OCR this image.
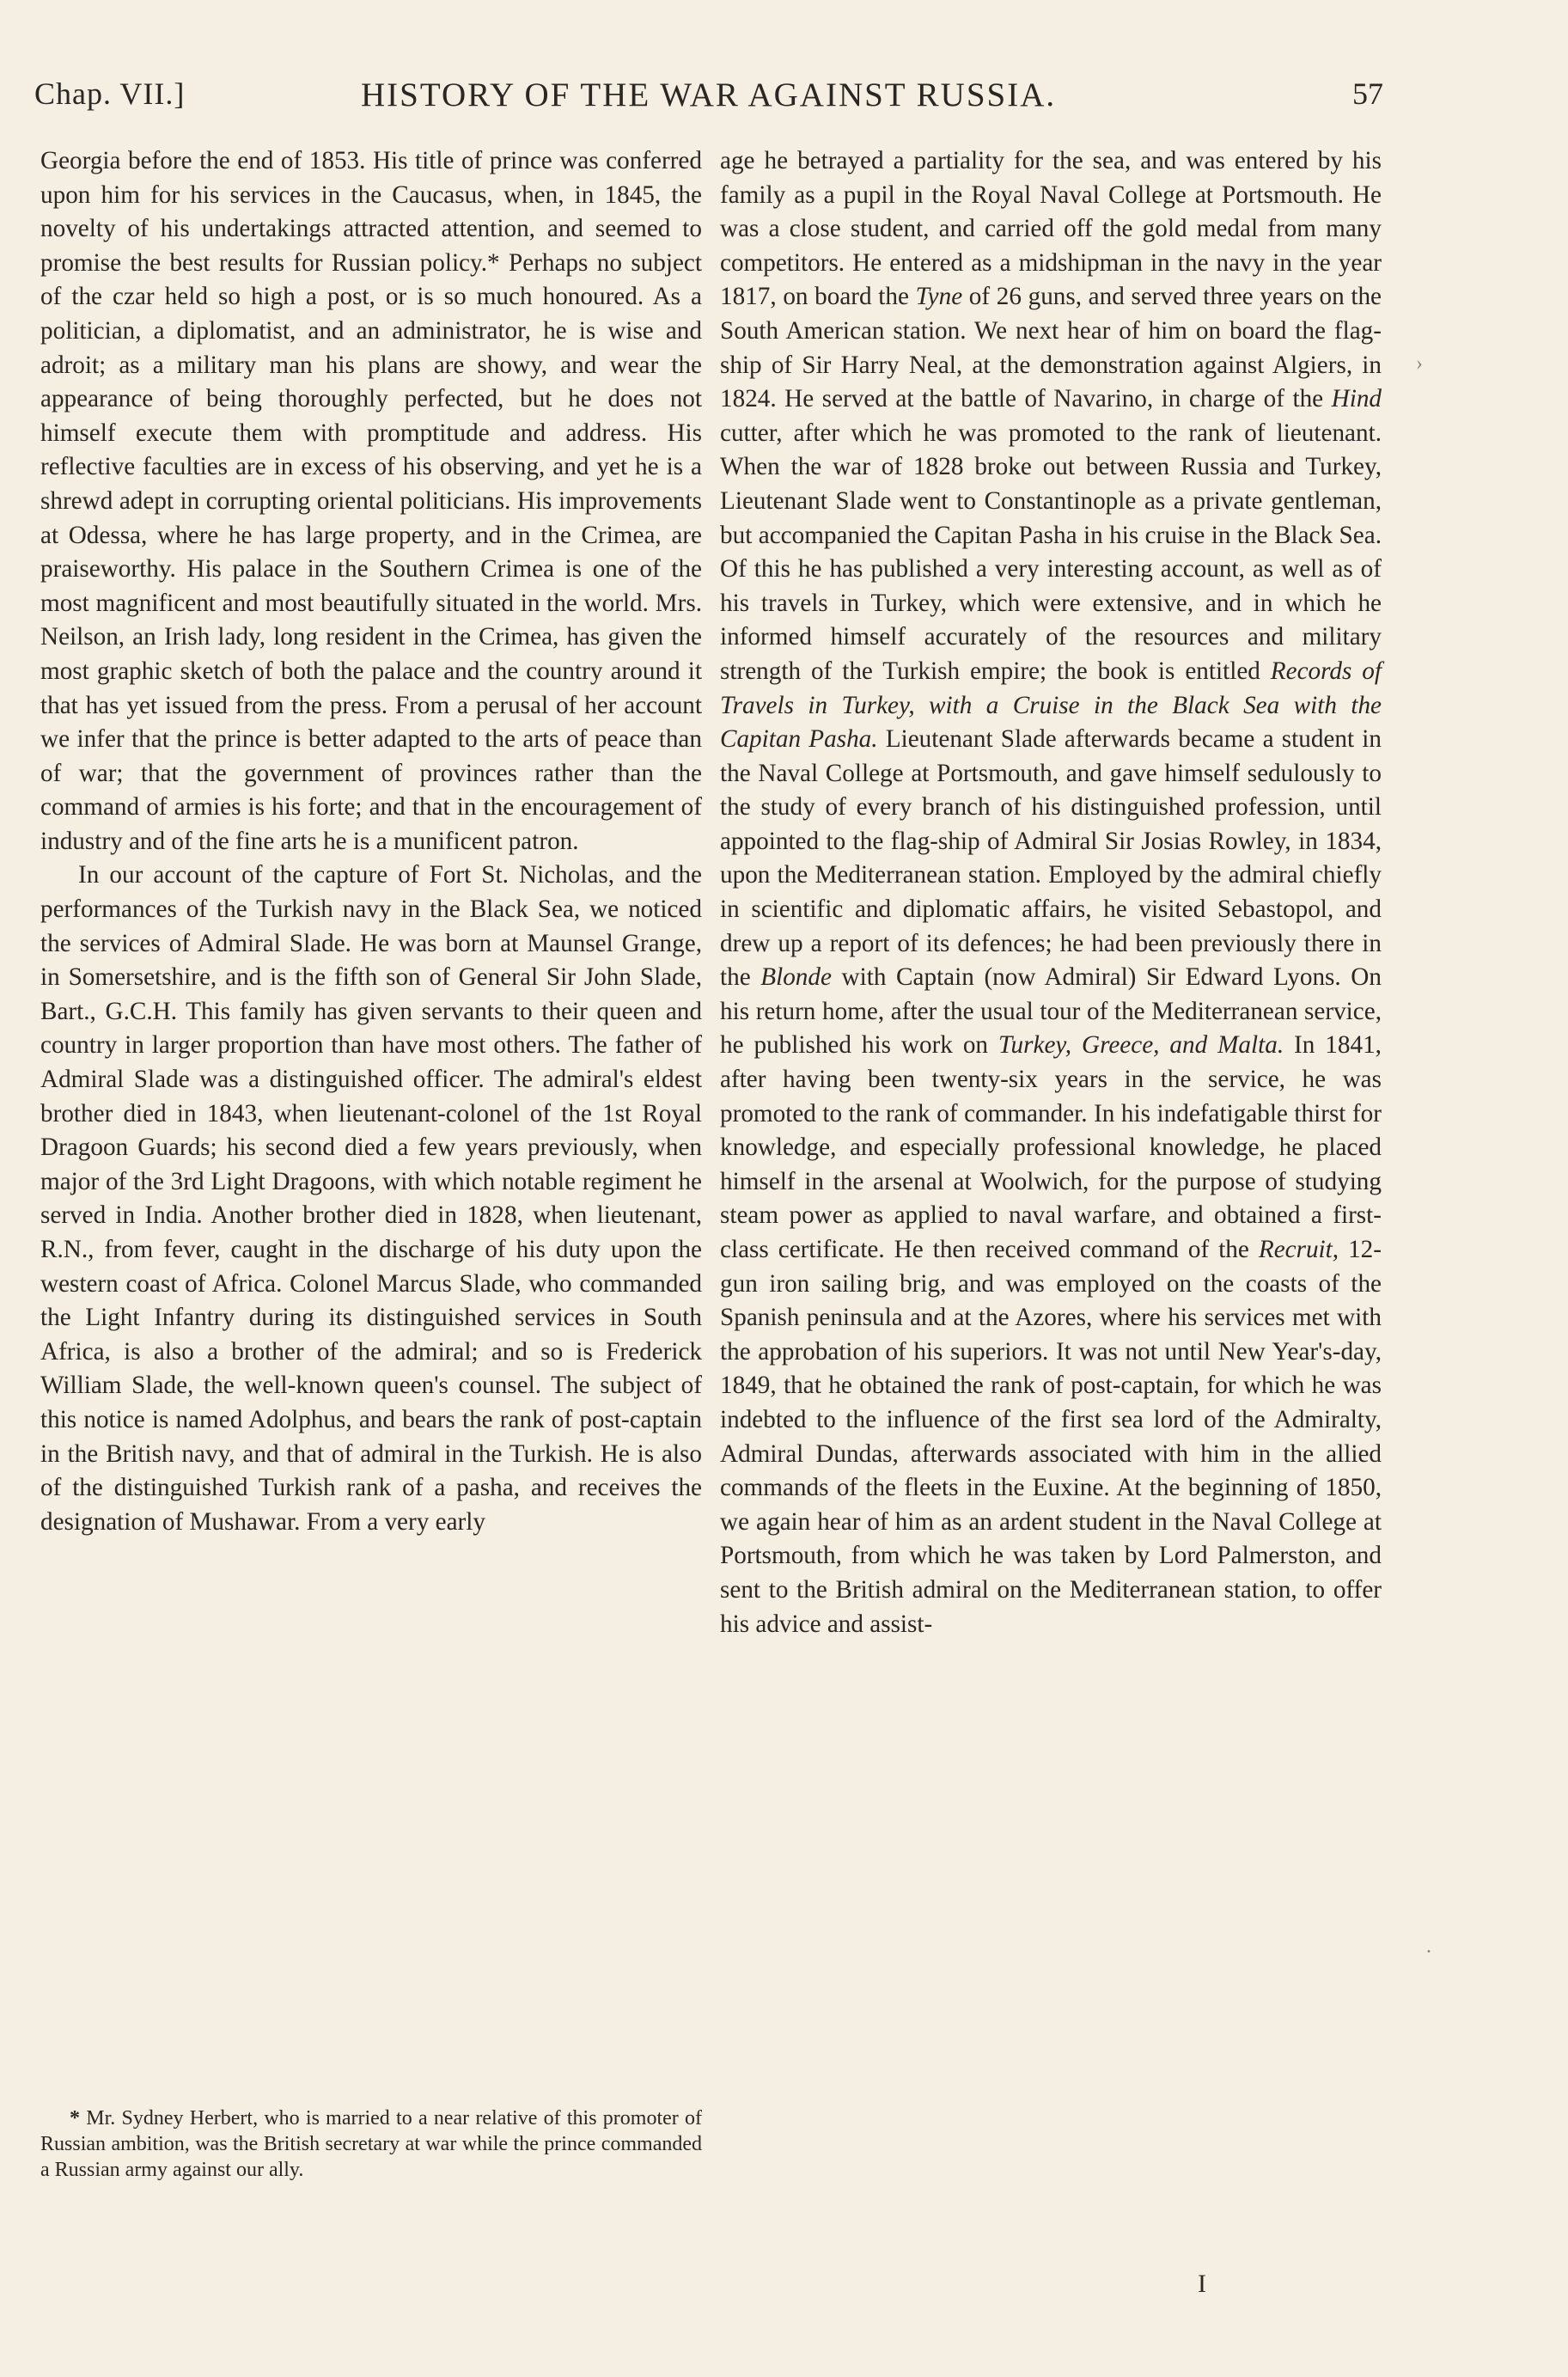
Chap. VII.]	HISTORY OF THE WAR AGAINST RUSSIA.	57

Georgia before the end of 1853. His title of prince was conferred upon him for his services in the Caucasus, when, in 1845, the novelty of his undertakings attracted attention, and seemed to promise the best results for Russian policy.* Perhaps no subject of the czar held so high a post, or is so much honoured. As a politician, a diplomatist, and an administrator, he is wise and adroit; as a military man his plans are showy, and wear the appearance of being thoroughly perfected, but he does not himself execute them with promptitude and address. His reflective faculties are in excess of his observing, and yet he is a shrewd adept in corrupting oriental politicians. His improvements at Odessa, where he has large property, and in the Crimea, are praiseworthy. His palace in the Southern Crimea is one of the most magnificent and most beautifully situated in the world. Mrs. Neilson, an Irish lady, long resident in the Crimea, has given the most graphic sketch of both the palace and the country around it that has yet issued from the press. From a perusal of her account we infer that the prince is better adapted to the arts of peace than of war; that the government of provinces rather than the command of armies is his forte; and that in the encouragement of industry and of the fine arts he is a munificent patron.

In our account of the capture of Fort St. Nicholas, and the performances of the Turkish navy in the Black Sea, we noticed the services of Admiral Slade. He was born at Maunsel Grange, in Somersetshire, and is the fifth son of General Sir John Slade, Bart., G.C.H. This family has given servants to their queen and country in larger proportion than have most others. The father of Admiral Slade was a distinguished officer. The admiral's eldest brother died in 1843, when lieutenant-colonel of the 1st Royal Dragoon Guards; his second died a few years previously, when major of the 3rd Light Dragoons, with which notable regiment he served in India. Another brother died in 1828, when lieutenant, R.N., from fever, caught in the discharge of his duty upon the western coast of Africa. Colonel Marcus Slade, who commanded the Light Infantry during its distinguished services in South Africa, is also a brother of the admiral; and so is Frederick William Slade, the well-known queen's counsel. The subject of this notice is named Adolphus, and bears the rank of post-captain in the British navy, and that of admiral in the Turkish. He is also of the distinguished Turkish rank of a pasha, and receives the designation of Mushawar. From a very early

* Mr. Sydney Herbert, who is married to a near relative of this promoter of Russian ambition, was the British secretary at war while the prince commanded a Russian army against our ally.

age he betrayed a partiality for the sea, and was entered by his family as a pupil in the Royal Naval College at Portsmouth. He was a close student, and carried off the gold medal from many competitors. He entered as a midshipman in the navy in the year 1817, on board the Tyne of 26 guns, and served three years on the South American station. We next hear of him on board the flag-ship of Sir Harry Neal, at the demonstration against Algiers, in 1824. He served at the battle of Navarino, in charge of the Hind cutter, after which he was promoted to the rank of lieutenant. When the war of 1828 broke out between Russia and Turkey, Lieutenant Slade went to Constantinople as a private gentleman, but accompanied the Capitan Pasha in his cruise in the Black Sea. Of this he has published a very interesting account, as well as of his travels in Turkey, which were extensive, and in which he informed himself accurately of the resources and military strength of the Turkish empire; the book is entitled Records of Travels in Turkey, with a Cruise in the Black Sea with the Capitan Pasha. Lieutenant Slade afterwards became a student in the Naval College at Portsmouth, and gave himself sedulously to the study of every branch of his distinguished profession, until appointed to the flag-ship of Admiral Sir Josias Rowley, in 1834, upon the Mediterranean station. Employed by the admiral chiefly in scientific and diplomatic affairs, he visited Sebastopol, and drew up a report of its defences; he had been previously there in the Blonde with Captain (now Admiral) Sir Edward Lyons. On his return home, after the usual tour of the Mediterranean service, he published his work on Turkey, Greece, and Malta. In 1841, after having been twenty-six years in the service, he was promoted to the rank of commander. In his indefatigable thirst for knowledge, and especially professional knowledge, he placed himself in the arsenal at Woolwich, for the purpose of studying steam power as applied to naval warfare, and obtained a first-class certificate. He then received command of the Recruit, 12-gun iron sailing brig, and was employed on the coasts of the Spanish peninsula and at the Azores, where his services met with the approbation of his superiors. It was not until New Year's-day, 1849, that he obtained the rank of post-captain, for which he was indebted to the influence of the first sea lord of the Admiralty, Admiral Dundas, afterwards associated with him in the allied commands of the fleets in the Euxine. At the beginning of 1850, we again hear of him as an ardent student in the Naval College at Portsmouth, from which he was taken by Lord Palmerston, and sent to the British admiral on the Mediterranean station, to offer his advice and assist-

I
›
.
